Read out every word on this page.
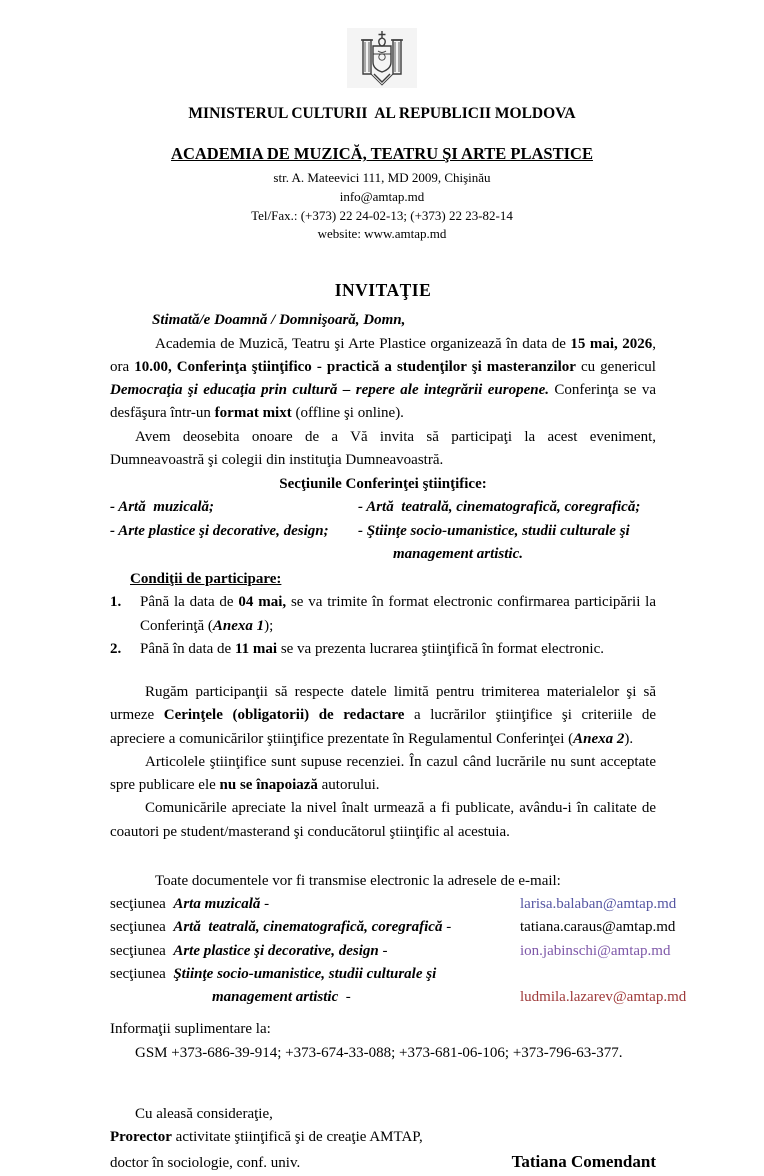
MINISTERUL CULTURII  AL REPUBLICII MOLDOVA
ACADEMIA DE MUZICĂ, TEATRU ŞI ARTE PLASTICE
str. A. Mateevici 111, MD 2009, Chişinău
info@amtap.md
Tel/Fax.: (+373) 22 24-02-13; (+373) 22 23-82-14
website: www.amtap.md
INVITAŢIE
Stimată/e Doamnă / Domnişoară, Domn,

Academia de Muzică, Teatru şi Arte Plastice organizează în data de 15 mai, 2026, ora 10.00, Conferinţa ştiinţifico - practică a studenţilor şi masteranzilor cu genericul Democraţia şi educaţia prin cultură – repere ale integrării europene. Conferinţa se va desfăşura într-un format mixt (offline şi online).

Avem deosebita onoare de a Vă invita să participaţi la acest eveniment, Dumneavoastră şi colegii din instituţia Dumneavoastră.

Secţiunile Conferinţei ştiinţifice:
- Artă  muzicală;	- Artă  teatrală, cinematografică, coregrafică;
- Arte plastice şi decorative, design;	- Ştiinţe socio-umanistice, studii culturale şi
management artistic.
Condiţii de participare:
1.	Până la data de 04 mai, se va trimite în format electronic confirmarea participării la Conferinţă (Anexa 1);
2.	Până în data de 11 mai se va prezenta lucrarea ştiinţifică în format electronic.

Rugăm participanţii să respecte datele limită pentru trimiterea materialelor şi să urmeze Cerinţele (obligatorii) de redactare a lucrărilor ştiinţifice şi criteriile de apreciere a comunicărilor ştiinţifice prezentate în Regulamentul Conferinţei (Anexa 2).

Articolele ştiinţifice sunt supuse recenziei. În cazul când lucrările nu sunt acceptate spre publicare ele nu se înapoiază autorului.

Comunicările apreciate la nivel înalt urmează a fi publicate, avându-i în calitate de coautori pe student/masterand şi conducătorul ştiinţific al acestuia.

Toate documentele vor fi transmise electronic la adresele de e-mail:
secţiunea Arta muzicală -	larisa.balaban@amtap.md
secţiunea Artă  teatrală, cinematografică, coregrafică -	tatiana.caraus@amtap.md
secţiunea Arte plastice şi decorative, design -	ion.jabinschi@amtap.md
secţiunea Ştiinţe socio-umanistice, studii culturale şi
management artistic  -	ludmila.lazarev@amtap.md
Informaţii suplimentare la:
GSM +373-686-39-914; +373-674-33-088; +373-681-06-106; +373-796-63-377.
Cu aleasă consideraţie,
Prorector activitate ştiinţifică şi de creaţie AMTAP,
doctor în sociologie, conf. univ.	Tatiana Comendant
